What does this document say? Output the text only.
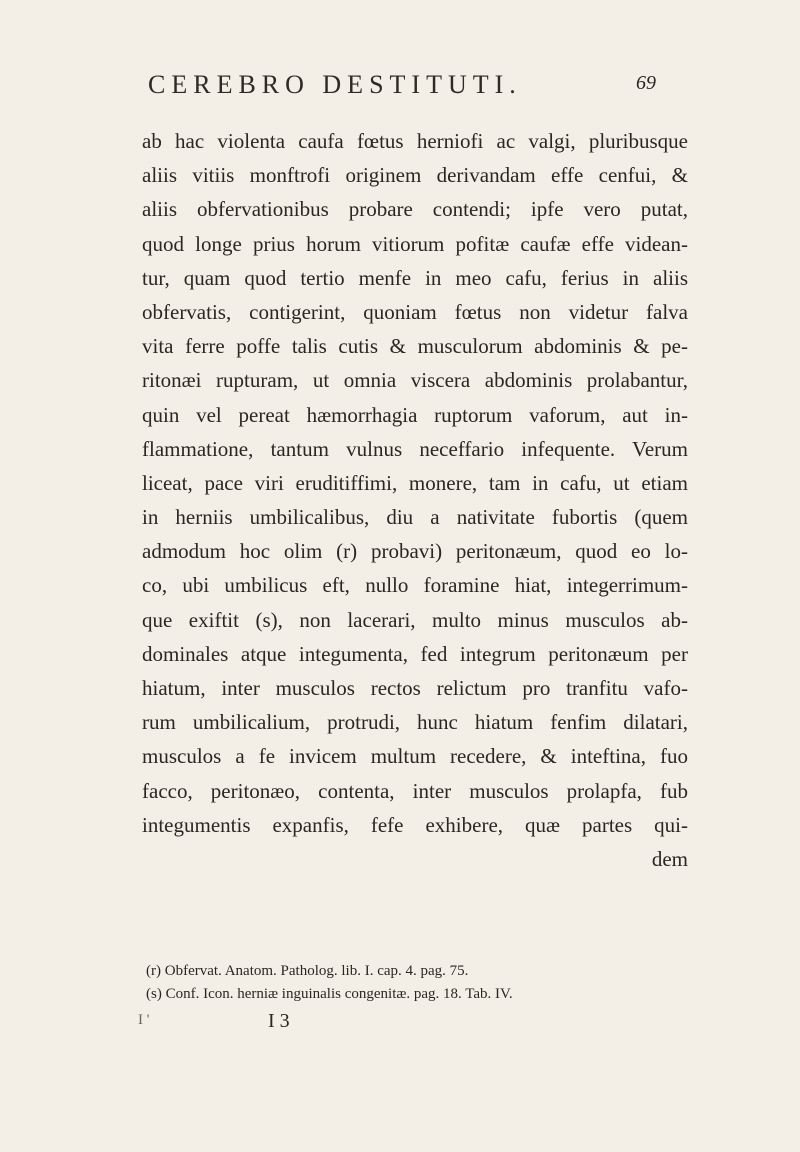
CEREBRO DESTITUTI.	69
ab hac violenta caufa fœtus herniofi ac valgi, pluribusque
aliis vitiis monftrofi originem derivandam effe cenfui, &
aliis obfervationibus probare contendi; ipfe vero putat,
quod longe prius horum vitiorum pofitæ caufæ effe videan-
tur, quam quod tertio menfe in meo cafu, ferius in aliis
obfervatis, contigerint, quoniam fœtus non videtur falva
vita ferre poffe talis cutis & musculorum abdominis & pe-
ritonæi rupturam, ut omnia viscera abdominis prolabantur,
quin vel pereat hæmorrhagia ruptorum vaforum, aut in-
flammatione, tantum vulnus neceffario infequente. Verum
liceat, pace viri eruditiffimi, monere, tam in cafu, ut etiam
in herniis umbilicalibus, diu a nativitate fubortis (quem
admodum hoc olim (r) probavi) peritonæum, quod eo lo-
co, ubi umbilicus eft, nullo foramine hiat, integerrimum-
que exiftit (s), non lacerari, multo minus musculos ab-
dominales atque integumenta, fed integrum peritonæum per
hiatum, inter musculos rectos relictum pro tranfitu vafo-
rum umbilicalium, protrudi, hunc hiatum fenfim dilatari,
musculos a fe invicem multum recedere, & inteftina, fuo
facco, peritonæo, contenta, inter musculos prolapfa, fub
integumentis expanfis, fefe exhibere, quæ partes qui-
dem
(r) Obfervat. Anatom. Patholog. lib. I. cap. 4. pag. 75.
(s) Conf. Icon. herniæ inguinalis congenitæ. pag. 18. Tab. IV.
I '	I 3
